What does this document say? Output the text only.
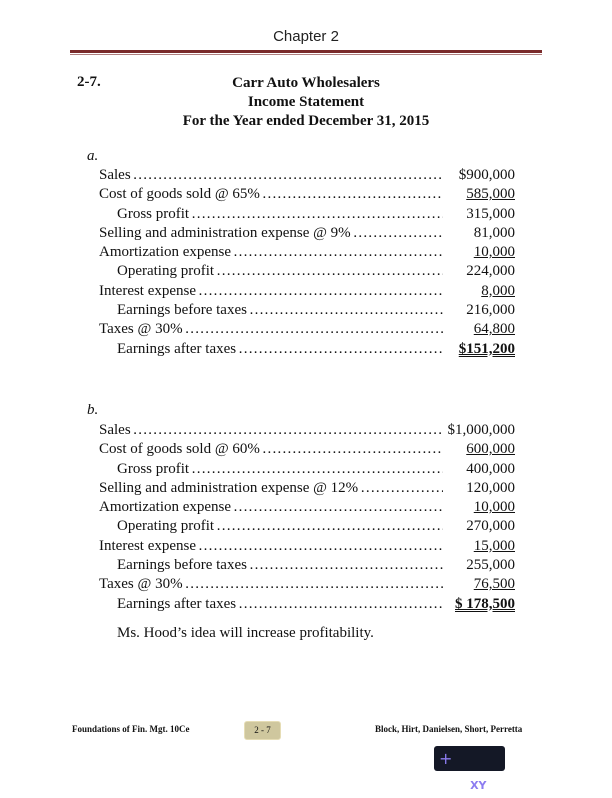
Chapter 2
2-7.	Carr Auto Wholesalers
Income Statement
For the Year ended December 31, 2015
a.
Sales ………………………………………………………………………………………………	$900,000
Cost of goods sold @ 65% ………………………………………………………………………………………………	585,000
Gross profit ………………………………………………………………………………………………	315,000
Selling and administration expense @ 9% ………………………………………………………………………………………………	81,000
Amortization expense ………………………………………………………………………………………………	10,000
Operating profit ………………………………………………………………………………………………	224,000
Interest expense ………………………………………………………………………………………………	8,000
Earnings before taxes ………………………………………………………………………………………………	216,000
Taxes @ 30% ………………………………………………………………………………………………	64,800
Earnings after taxes ………………………………………………………………………………………………	$151,200
b.
Sales ………………………………………………………………………………………………	$1,000,000
Cost of goods sold @ 60% ………………………………………………………………………………………………	600,000
Gross profit ………………………………………………………………………………………………	400,000
Selling and administration expense @ 12% ………………………………………………………………………………………………	120,000
Amortization expense ………………………………………………………………………………………………	10,000
Operating profit ………………………………………………………………………………………………	270,000
Interest expense ………………………………………………………………………………………………	15,000
Earnings before taxes ………………………………………………………………………………………………	255,000
Taxes @ 30% ………………………………………………………………………………………………	76,500
Earnings after taxes ………………………………………………………………………………………………	$ 178,500
Ms. Hood’s idea will increase profitability.
Foundations of Fin. Mgt. 10Ce	2 - 7	Block, Hirt, Danielsen, Short, Perretta
+ StudyXY
